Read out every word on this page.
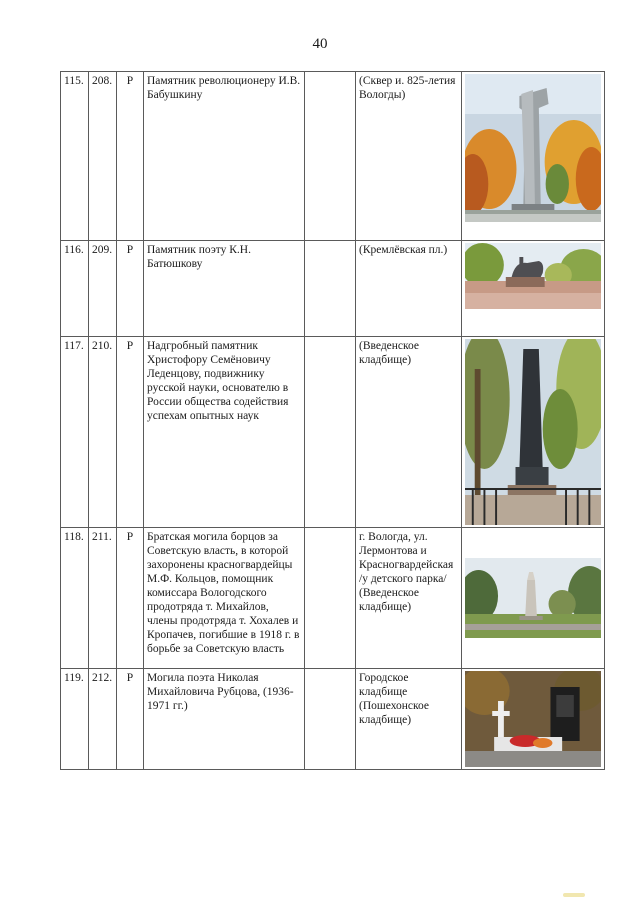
40
115.	208.	Р	Памятник революционеру И.В. Бабушкину		(Сквер и. 825-летия Вологды)	

116.	209.	Р	Памятник поэту К.Н. Батюшкову		(Кремлёвская пл.)	

117.	210.	Р	Надгробный памятник Христофору Семёновичу Леденцову, подвижнику русской науки, основателю в России общества содействия успехам опытных наук		(Введенское кладбище)	

118.	211.	Р	Братская могила борцов за Советскую власть, в которой захоронены красногвардейцы М.Ф. Кольцов, помощник комиссара Вологодского продотряда т. Михайлов, члены продотряда т. Хохалев и Кропачев, погибшие в 1918 г. в борьбе за Советскую власть		г. Вологда, ул. Лермонтова и Красногвардейская /у детского парка/ (Введенское кладбище)	

119.	212.	Р	Могила поэта Николая Михайловича Рубцова, (1936-1971 гг.)		Городское кладбище (Пошехонское кладбище)	
